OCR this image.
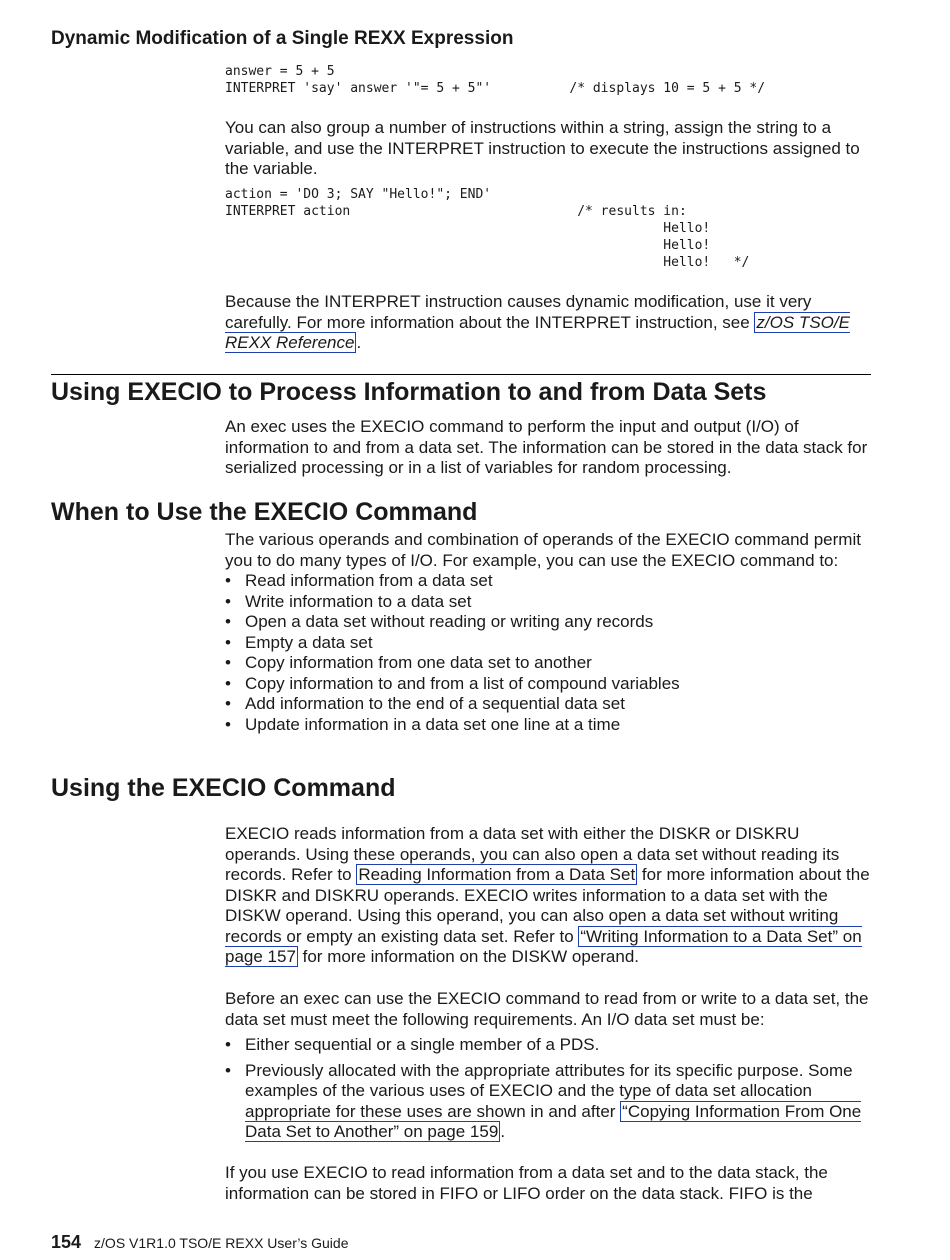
Dynamic Modification of a Single REXX Expression
answer = 5 + 5
INTERPRET 'say' answer '"= 5 + 5"'          /* displays 10 = 5 + 5 */

You can also group a number of instructions within a string, assign the string to a variable, and use the INTERPRET instruction to execute the instructions assigned to the variable.

action = 'DO 3; SAY "Hello!"; END'
INTERPRET action                             /* results in:
Hello!
Hello!
Hello!   */

Because the INTERPRET instruction causes dynamic modification, use it very carefully. For more information about the INTERPRET instruction, see z/OS TSO/E REXX Reference .

Using EXECIO to Process Information to and from Data Sets

An exec uses the EXECIO command to perform the input and output (I/O) of information to and from a data set. The information can be stored in the data stack for serialized processing or in a list of variables for random processing.

When to Use the EXECIO Command

The various operands and combination of operands of the EXECIO command permit you to do many types of I/O. For example, you can use the EXECIO command to:

• Read information from a data set
• Write information to a data set
• Open a data set without reading or writing any records
• Empty a data set
• Copy information from one data set to another
• Copy information to and from a list of compound variables
• Add information to the end of a sequential data set
• Update information in a data set one line at a time
Using the EXECIO Command

EXECIO reads information from a data set with either the DISKR or DISKRU operands. Using these operands, you can also open a data set without reading its records. Refer to Reading Information from a Data Set for more information about the DISKR and DISKRU operands. EXECIO writes information to a data set with the DISKW operand. Using this operand, you can also open a data set without writing records or empty an existing data set. Refer to “Writing Information to a Data Set” on page 157 for more information on the DISKW operand.

Before an exec can use the EXECIO command to read from or write to a data set, the data set must meet the following requirements. An I/O data set must be:

• Either sequential or a single member of a PDS.
• Previously allocated with the appropriate attributes for its specific purpose. Some examples of the various uses of EXECIO and the type of data set allocation appropriate for these uses are shown in and after “Copying Information From One Data Set to Another” on page 159 .

If you use EXECIO to read information from a data set and to the data stack, the information can be stored in FIFO or LIFO order on the data stack. FIFO is the

154 z/OS V1R1.0 TSO/E REXX User’s Guide
